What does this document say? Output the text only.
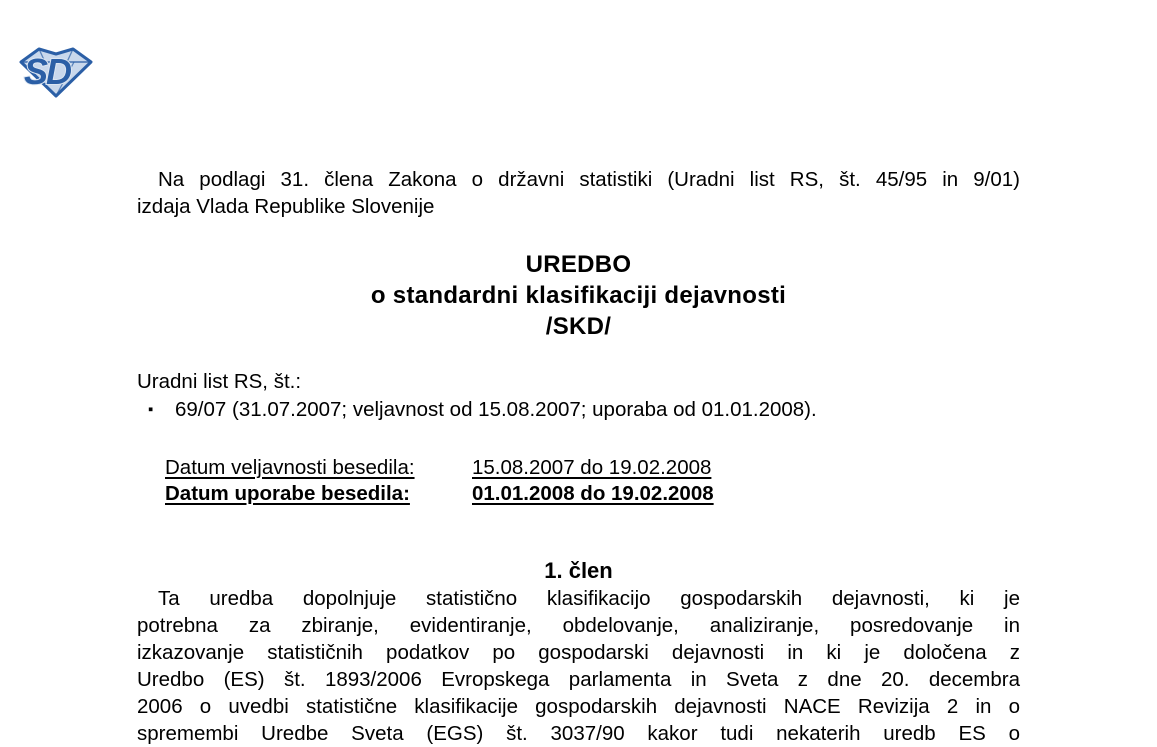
SD
Na podlagi 31. člena Zakona o državni statistiki (Uradni list RS, št. 45/95 in 9/01)
izdaja Vlada Republike Slovenije
UREDBO
o standardni klasifikaciji dejavnosti
/SKD/
Uradni list RS, št.:
▪ 69/07 (31.07.2007; veljavnost od 15.08.2007; uporaba od 01.01.2008).
Datum veljavnosti besedila:	15.08.2007 do 19.02.2008
Datum uporabe besedila:	01.01.2008 do 19.02.2008
1. člen
Ta uredba dopolnjuje statistično klasifikacijo gospodarskih dejavnosti, ki je
potrebna za zbiranje, evidentiranje, obdelovanje, analiziranje, posredovanje in
izkazovanje statističnih podatkov po gospodarski dejavnosti in ki je določena z
Uredbo (ES) št. 1893/2006 Evropskega parlamenta in Sveta z dne 20. decembra
2006 o uvedbi statistične klasifikacije gospodarskih dejavnosti NACE Revizija 2 in o
spremembi Uredbe Sveta (EGS) št. 3037/90 kakor tudi nekaterih uredb ES o
